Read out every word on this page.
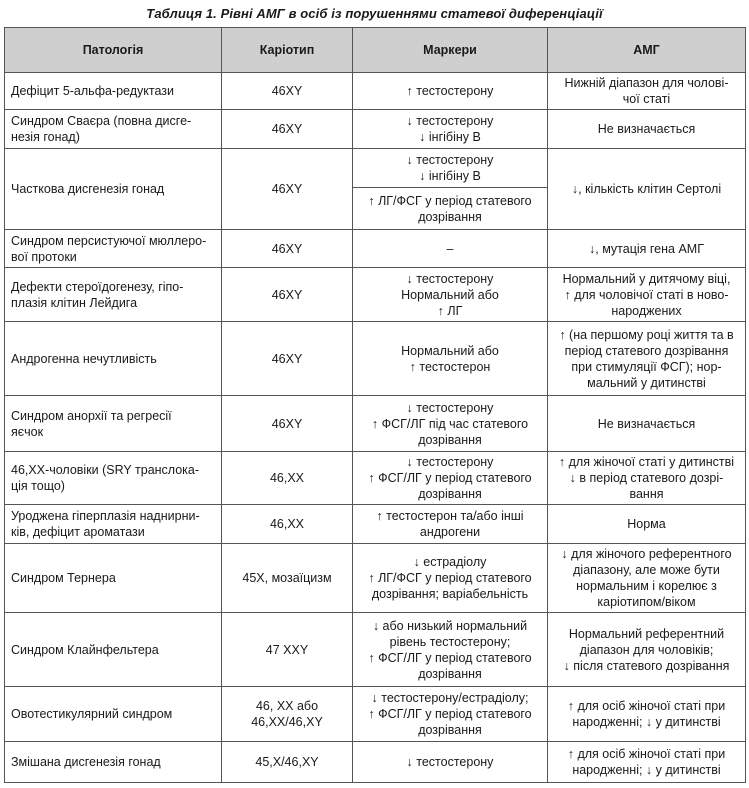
Таблиця 1. Рівні АМГ в осіб із порушеннями статевої диференціації
Патологія	Каріотип	Маркери	АМГ

Дефіцит 5-альфа-редуктази	46XY	↑ тестостерону	Нижній діапазон для чолові-
чої статі

Синдром Сваєра (повна дисге-
незія гонад)	46XY	↓ тестостерону
↓ інгібіну В	Не визначається

Часткова дисгенезія гонад	46XY	↓ тестостерону
↓ інгібіну В	↓, кількість клітин Сертолі

		↑ ЛГ/ФСГ у період статевого
дозрівання	

Синдром персистуючої мюллеро-
вої протоки	46XY	–	↓, мутація гена АМГ

Дефекти стероїдогенезу, гіпо-
плазія клітин Лейдига	46XY	↓ тестостерону
Нормальний або
↑ ЛГ	Нормальний у дитячому віці,
↑ для чоловічої статі в ново-
народжених

Андрогенна нечутливість	46XY	Нормальний або
↑ тестостерон	↑ (на першому році життя та в
період статевого дозрівання
при стимуляції ФСГ); нор-
мальний у дитинстві

Синдром анорхії та регресії
яєчок	46XY	↓ тестостерону
↑ ФСГ/ЛГ під час статевого
дозрівання	Не визначається

46,ХХ-чоловіки (SRY транслока-
ція тощо)	46,ХХ	↓ тестостерону
↑ ФСГ/ЛГ у період статевого
дозрівання	↑ для жіночої статі у дитинстві
↓ в період статевого дозрі-
вання

Уроджена гіперплазія наднирни-
ків, дефіцит ароматази	46,ХХ	↑ тестостерон та/або інші
андрогени	Норма

Синдром Тернера	45Х, мозаїцизм	↓ естрадіолу
↑ ЛГ/ФСГ у період статевого
дозрівання; варіабельність	↓ для жіночого референтного
діапазону, але може бути
нормальним і корелює з
каріотипом/віком

Синдром Клайнфельтера	47 ХХY	↓ або низький нормальний
рівень тестостерону;
↑ ФСГ/ЛГ у період статевого
дозрівання	Нормальний референтний
діапазон для чоловіків;
↓ після статевого дозрівання

Овотестикулярний синдром	46, ХХ або
46,ХХ/46,XY	↓ тестостерону/естрадіолу;
↑ ФСГ/ЛГ у період статевого
дозрівання	↑ для осіб жіночої статі при
народженні; ↓ у дитинстві

Змішана дисгенезія гонад	45,Х/46,XY	↓ тестостерону	↑ для осіб жіночої статі при
народженні; ↓ у дитинстві
